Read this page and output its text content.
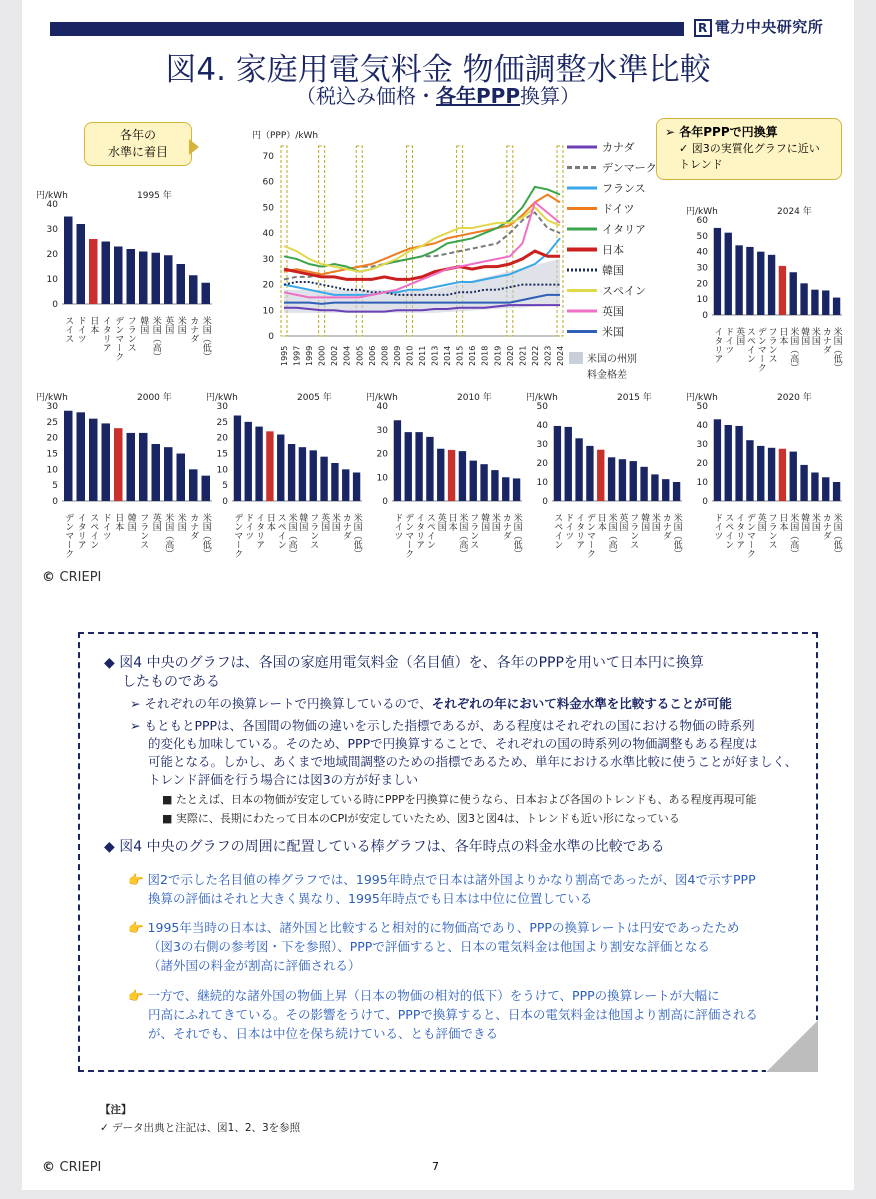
R 電力中央研究所
図4. 家庭用電気料金 物価調整水準比較
（税込み価格・各年PPP換算）
各年の
水準に着目
➢ 各年PPPで円換算
✓ 図3の実質化グラフに近い トレンド
円/kWh	1995 年
0
10
20
30
40
スイス ドイツ 日本 イタリア デンマーク フランス 韓国 米国（高） 英国 米国 カナダ 米国（低）
円/kWh	2024 年
0
10
20
30
40
50
60
イタリア ドイツ 英国 スペイン デンマーク フランス 日本 米国（高） 韓国 米国 カナダ 米国（低）
円/kWh	2000 年
0
5
10
15
20
25
30
デンマーク イタリア スペイン ドイツ 日本 韓国 フランス 英国 米国（高） 米国 カナダ 米国（低）
円/kWh	2005 年
0
5
10
15
20
25
30
デンマーク ドイツ イタリア 日本 スペイン 米国（高） 韓国 フランス 英国 米国 カナダ 米国（低）
円/kWh	2010 年
0
10
20
30
40
ドイツ デンマーク イタリア スペイン 英国 日本 米国（高） フランス 韓国 米国 カナダ 米国（低）
円/kWh	2015 年
0
10
20
30
40
50
スペイン ドイツ イタリア デンマーク 日本 米国（高） 英国 フランス 韓国 米国 カナダ 米国（低）
円/kWh	2020 年
0
10
20
30
40
50
ドイツ スペイン イタリア デンマーク 英国 フランス 日本 米国（高） 韓国 米国 カナダ 米国（低）
円（PPP）/kWh
0
10
20
30
40
50
60
70
1995 1997 1999 2000 2002 2004 2005 2006 2008 2009 2010 2011 2013 2014 2015 2016 2018 2019 2020 2021 2022 2023 2024
カナダ
デンマーク
フランス
ドイツ
イタリア
日本
韓国
スペイン
英国
米国
米国の州別
料金格差
© CRIEPI
◆ 図4 中央のグラフは、各国の家庭用電気料金（名目値）を、各年のPPPを用いて日本円に換算
したものである
➢ それぞれの年の換算レートで円換算しているので、それぞれの年において料金水準を比較することが可能
➢ もともとPPPは、各国間の物価の違いを示した指標であるが、ある程度はそれぞれの国における物価の時系列
的変化も加味している。そのため、PPPで円換算することで、それぞれの国の時系列の物価調整もある程度は
可能となる。しかし、あくまで地域間調整のための指標であるため、単年における水準比較に使うことが好ましく、
トレンド評価を行う場合には図3の方が好ましい
■ たとえば、日本の物価が安定している時にPPPを円換算に使うなら、日本および各国のトレンドも、ある程度再現可能
■ 実際に、長期にわたって日本のCPIが安定していたため、図3と図4は、トレンドも近い形になっている
◆ 図4 中央のグラフの周囲に配置している棒グラフは、各年時点の料金水準の比較である
👉 図2で示した名目値の棒グラフでは、1995年時点で日本は諸外国よりかなり割高であったが、図4で示すPPP
換算の評価はそれと大きく異なり、1995年時点でも日本は中位に位置している
👉 1995年当時の日本は、諸外国と比較すると相対的に物価高であり、PPPの換算レートは円安であったため
（図3の右側の参考図・下を参照）、PPPで評価すると、日本の電気料金は他国より割安な評価となる
（諸外国の料金が割高に評価される）
👉 一方で、継続的な諸外国の物価上昇（日本の物価の相対的低下）をうけて、PPPの換算レートが大幅に
円高にふれてきている。その影響をうけて、PPPで換算すると、日本の電気料金は他国より割高に評価される
が、それでも、日本は中位を保ち続けている、とも評価できる
【注】
✓ データ出典と注記は、図1、2、3を参照
© CRIEPI	7
